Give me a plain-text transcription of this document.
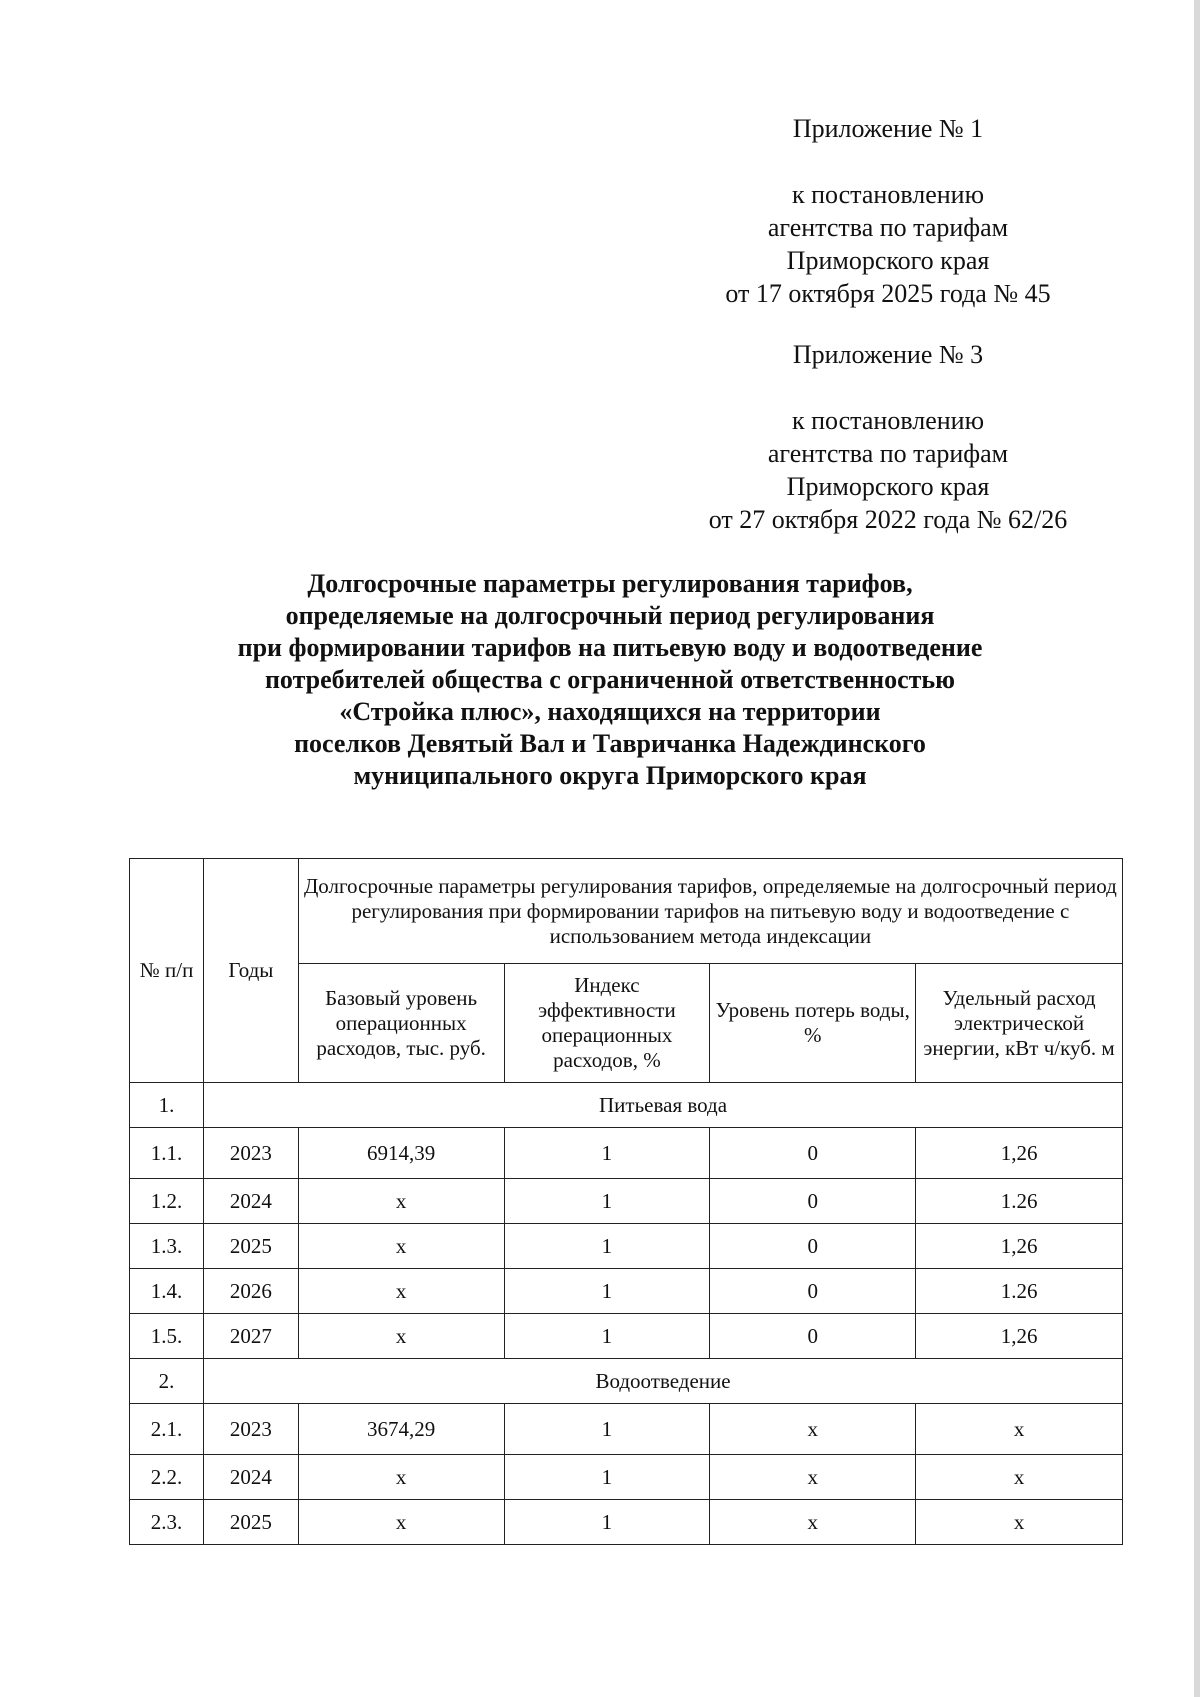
Приложение № 1
к постановлению
агентства по тарифам
Приморского края
от 17 октября 2025 года № 45
Приложение № 3
к постановлению
агентства по тарифам
Приморского края
от 27 октября 2022 года № 62/26
Долгосрочные параметры регулирования тарифов,
определяемые на долгосрочный период регулирования
при формировании тарифов на питьевую воду и водоотведение
потребителей общества с ограниченной ответственностью
«Стройка плюс», находящихся на территории
поселков Девятый Вал и Тавричанка Надеждинского
муниципального округа Приморского края
№ п/п	Годы	Долгосрочные параметры регулирования тарифов, определяемые на долгосрочный период регулирования при формировании тарифов на питьевую воду и водоотведение с использованием метода индексации			
		Базовый уровень операционных расходов, тыс. руб.	Индекс эффективности операционных расходов, %	Уровень потерь воды, %	Удельный расход электрической энергии, кВт ч/куб. м
1.	Питьевая вода				
1.1.	2023	6914,39	1	0	1,26
1.2.	2024	х	1	0	1.26
1.3.	2025	х	1	0	1,26
1.4.	2026	х	1	0	1.26
1.5.	2027	х	1	0	1,26
2.	Водоотведение				
2.1.	2023	3674,29	1	х	х
2.2.	2024	х	1	х	х
2.3.	2025	х	1	х	х
